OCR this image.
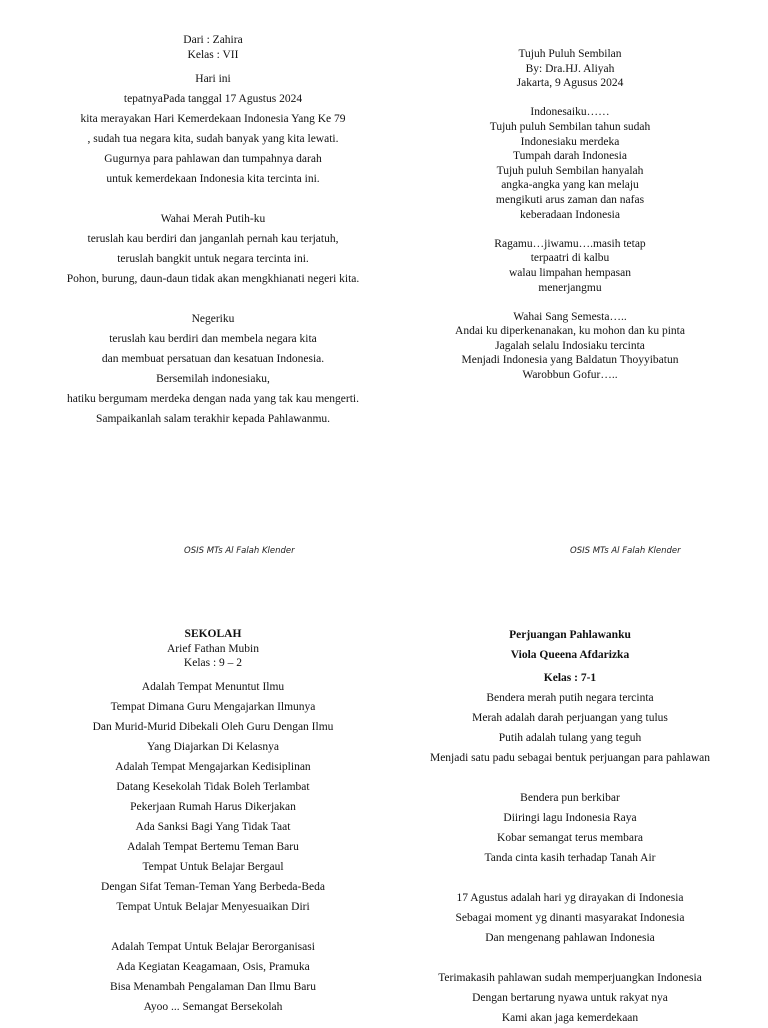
Dari : Zahira
Kelas : VII
Hari ini
tepatnyaPada tanggal 17 Agustus 2024
kita merayakan Hari Kemerdekaan Indonesia Yang Ke 79
, sudah tua negara kita, sudah banyak yang kita lewati.
Gugurnya para pahlawan dan tumpahnya darah
untuk kemerdekaan Indonesia kita tercinta ini.
Wahai Merah Putih-ku
teruslah kau berdiri dan janganlah pernah kau terjatuh,
teruslah bangkit untuk negara tercinta ini.
Pohon, burung, daun-daun tidak akan mengkhianati negeri kita.
Negeriku
teruslah kau berdiri dan membela negara kita
dan membuat persatuan dan kesatuan Indonesia.
Bersemilah indonesiaku,
hatiku bergumam merdeka dengan nada yang tak kau mengerti.
Sampaikanlah salam terakhir kepada Pahlawanmu.
Tujuh Puluh Sembilan
By: Dra.HJ. Aliyah
Jakarta, 9 Agusus 2024
Indonesaiku……
Tujuh puluh Sembilan tahun sudah
Indonesiaku merdeka
Tumpah darah Indonesia
Tujuh puluh Sembilan hanyalah
angka-angka yang kan melaju
mengikuti arus zaman dan nafas
keberadaan Indonesia
Ragamu…jiwamu….masih tetap
terpaatri di kalbu
walau limpahan hempasan
menerjangmu
Wahai Sang Semesta…..
Andai ku diperkenanakan, ku mohon dan ku pinta
Jagalah selalu Indosiaku tercinta
Menjadi Indonesia yang Baldatun Thoyyibatun
Warobbun Gofur…..
OSIS MTs Al Falah Klender	OSIS MTs Al Falah Klender
SEKOLAH
Arief Fathan Mubin
Kelas : 9 – 2
Adalah Tempat Menuntut Ilmu
Tempat Dimana Guru Mengajarkan Ilmunya
Dan Murid-Murid Dibekali Oleh Guru Dengan Ilmu
Yang Diajarkan Di Kelasnya
Adalah Tempat Mengajarkan Kedisiplinan
Datang Kesekolah Tidak Boleh Terlambat
Pekerjaan Rumah Harus Dikerjakan
Ada Sanksi Bagi Yang Tidak Taat
Adalah Tempat Bertemu Teman Baru
Tempat Untuk Belajar Bergaul
Dengan Sifat Teman-Teman Yang Berbeda-Beda
Tempat Untuk Belajar Menyesuaikan Diri
Adalah Tempat Untuk Belajar Berorganisasi
Ada Kegiatan Keagamaan, Osis, Pramuka
Bisa Menambah Pengalaman Dan Ilmu Baru
Ayoo ... Semangat Bersekolah
Perjuangan Pahlawanku
Viola Queena Afdarizka
Kelas : 7-1
Bendera merah putih negara tercinta
Merah adalah darah perjuangan yang tulus
Putih adalah tulang yang teguh
Menjadi satu padu sebagai bentuk perjuangan para pahlawan
Bendera pun berkibar
Diiringi lagu Indonesia Raya
Kobar semangat terus membara
Tanda cinta kasih terhadap Tanah Air
17 Agustus adalah hari yg dirayakan di Indonesia
Sebagai moment yg dinanti masyarakat Indonesia
Dan mengenang pahlawan Indonesia
Terimakasih pahlawan sudah memperjuangkan Indonesia
Dengan bertarung nyawa untuk rakyat nya
Kami akan jaga kemerdekaan
